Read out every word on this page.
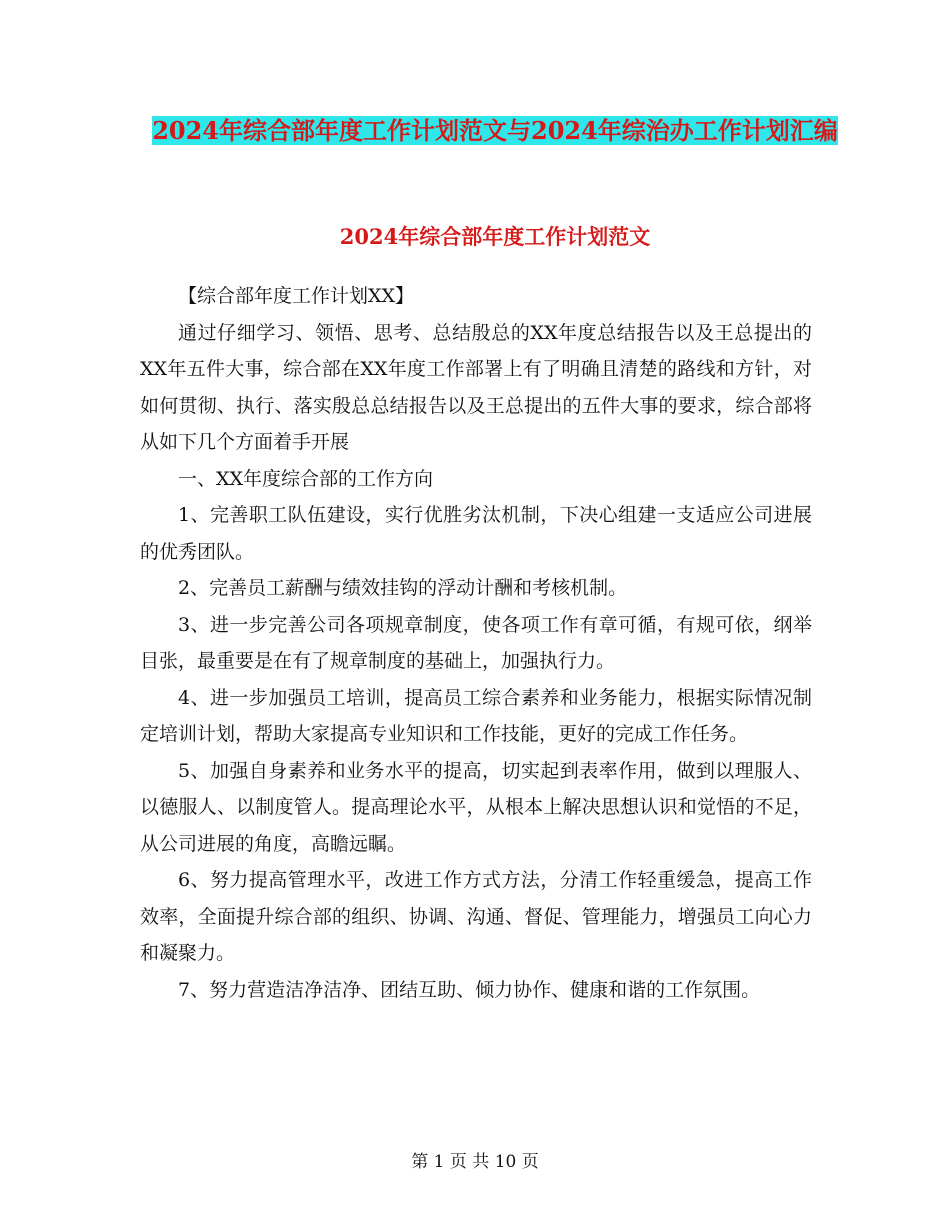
2024年综合部年度工作计划范文与2024年综治办工作计划汇编
2024年综合部年度工作计划范文

【综合部年度工作计划XX】

通过仔细学习、领悟、思考、总结殷总的XX年度总结报告以及王总提出的XX年五件大事，综合部在XX年度工作部署上有了明确且清楚的路线和方针，对如何贯彻、执行、落实殷总总结报告以及王总提出的五件大事的要求，综合部将从如下几个方面着手开展

一、XX年度综合部的工作方向

1、完善职工队伍建设，实行优胜劣汰机制，下决心组建一支适应公司进展的优秀团队。

2、完善员工薪酬与绩效挂钩的浮动计酬和考核机制。

3、进一步完善公司各项规章制度，使各项工作有章可循，有规可依，纲举目张，最重要是在有了规章制度的基础上，加强执行力。

4、进一步加强员工培训，提高员工综合素养和业务能力，根据实际情况制定培训计划，帮助大家提高专业知识和工作技能，更好的完成工作任务。

5、加强自身素养和业务水平的提高，切实起到表率作用，做到以理服人、以德服人、以制度管人。提高理论水平，从根本上解决思想认识和觉悟的不足，从公司进展的角度，高瞻远瞩。

6、努力提高管理水平，改进工作方式方法，分清工作轻重缓急，提高工作效率，全面提升综合部的组织、协调、沟通、督促、管理能力，增强员工向心力和凝聚力。

7、努力营造洁净洁净、团结互助、倾力协作、健康和谐的工作氛围。

第 1 页 共 10 页
